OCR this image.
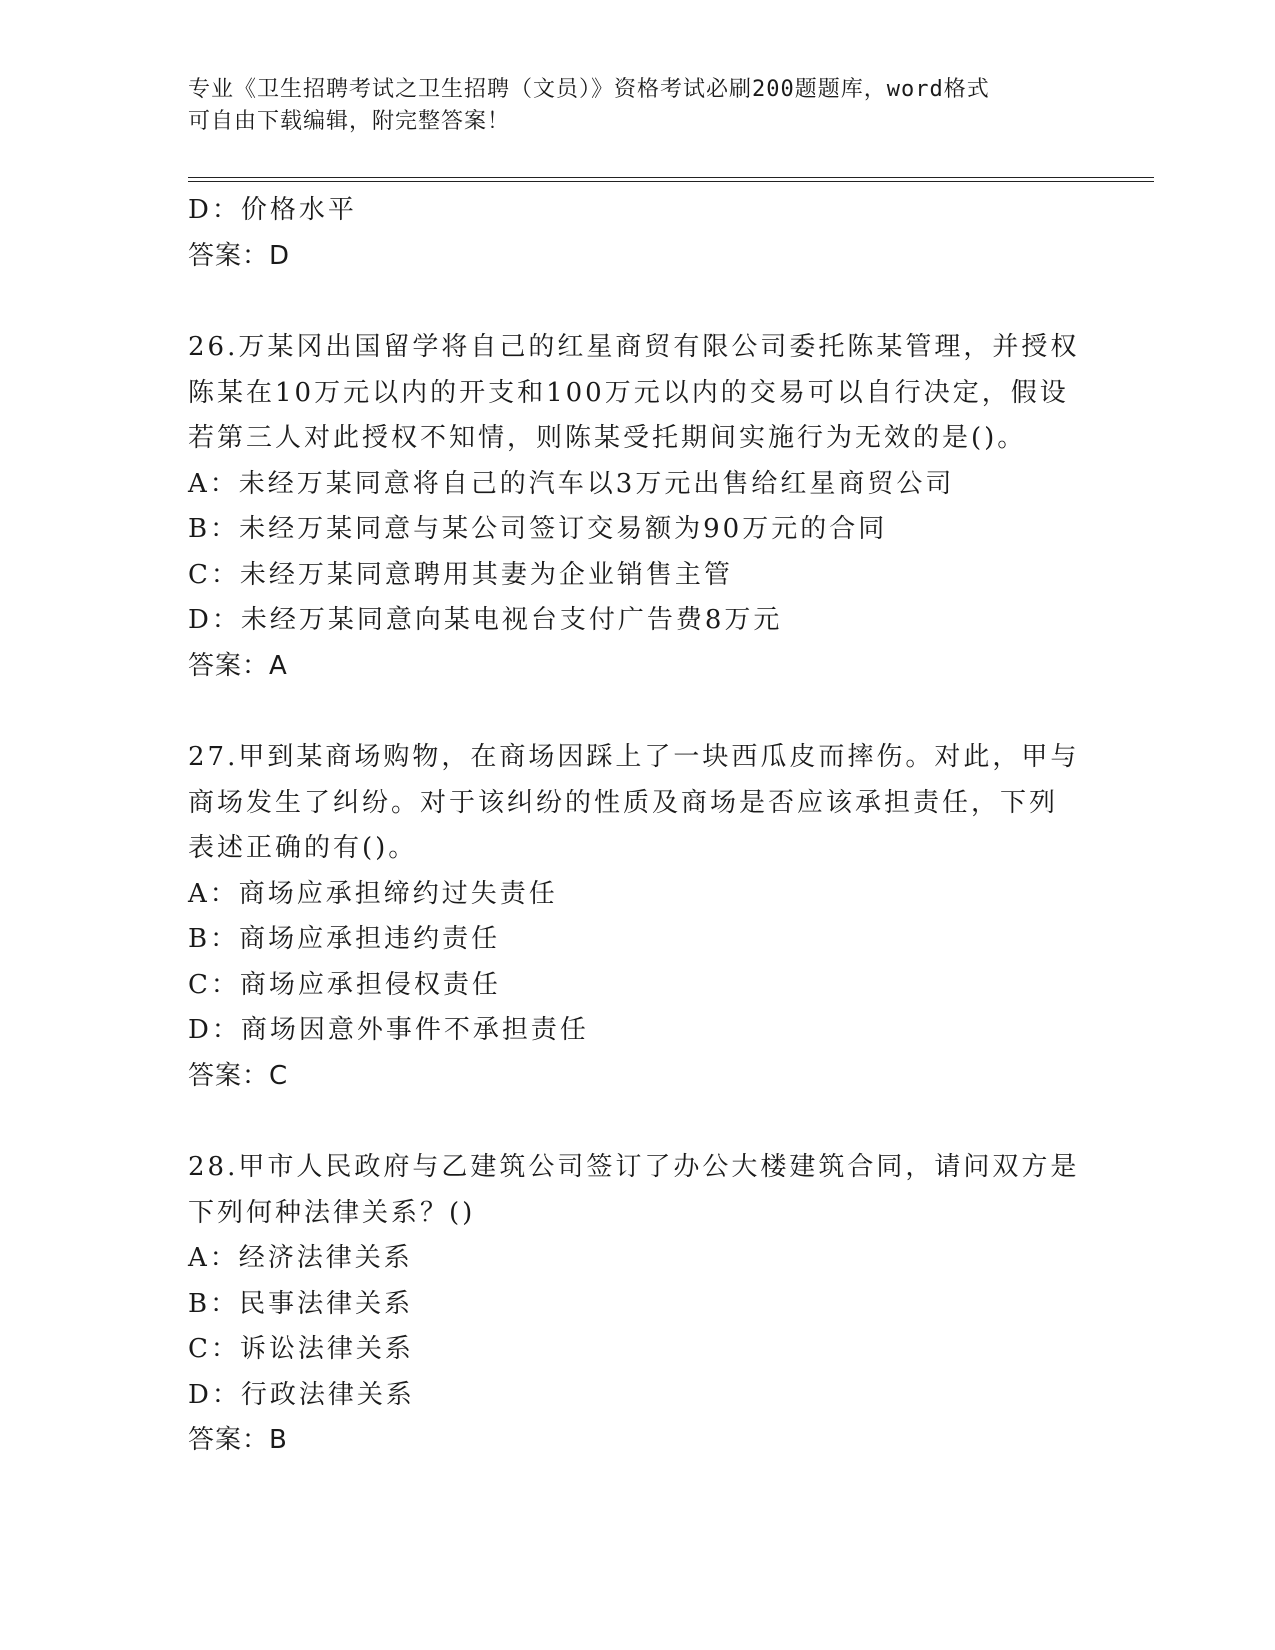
专业《卫生招聘考试之卫生招聘（文员）》资格考试必刷200题题库，word格式
可自由下载编辑，附完整答案！
D：价格水平
答案：D
26.万某冈出国留学将自己的红星商贸有限公司委托陈某管理，并授权
陈某在10万元以内的开支和100万元以内的交易可以自行决定，假设
若第三人对此授权不知情，则陈某受托期间实施行为无效的是()。
A：未经万某同意将自己的汽车以3万元出售给红星商贸公司
B：未经万某同意与某公司签订交易额为90万元的合同
C：未经万某同意聘用其妻为企业销售主管
D：未经万某同意向某电视台支付广告费8万元
答案：A
27.甲到某商场购物，在商场因踩上了一块西瓜皮而摔伤。对此，甲与
商场发生了纠纷。对于该纠纷的性质及商场是否应该承担责任，下列
表述正确的有()。
A：商场应承担缔约过失责任
B：商场应承担违约责任
C：商场应承担侵权责任
D：商场因意外事件不承担责任
答案：C
28.甲市人民政府与乙建筑公司签订了办公大楼建筑合同，请问双方是
下列何种法律关系？()
A：经济法律关系
B：民事法律关系
C：诉讼法律关系
D：行政法律关系
答案：B
